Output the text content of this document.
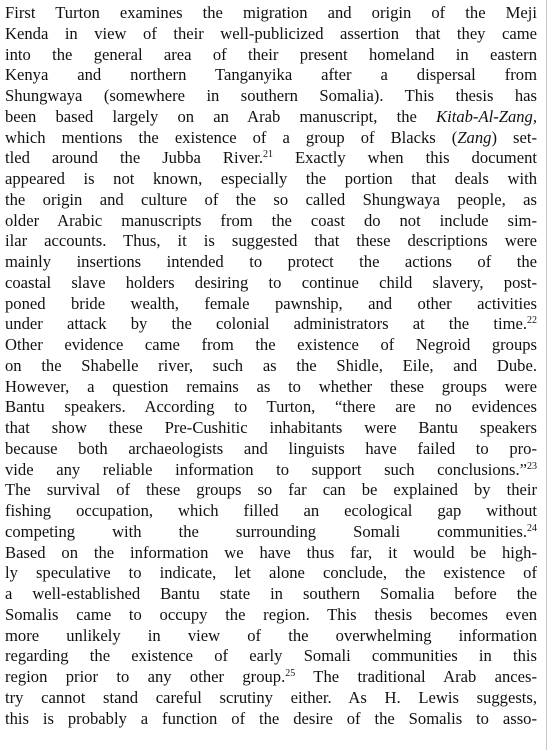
First Turton examines the migration and origin of the Meji
Kenda in view of their well-publicized assertion that they came
into the general area of their present homeland in eastern
Kenya and northern Tanganyika after a dispersal from
Shungwaya (somewhere in southern Somalia). This thesis has
been based largely on an Arab manuscript, the Kitab-Al-Zang,
which mentions the existence of a group of Blacks (Zang) set-
tled around the Jubba River.$^{21}$ Exactly when this document
appeared is not known, especially the portion that deals with
the origin and culture of the so called Shungwaya people, as
older Arabic manuscripts from the coast do not include sim-
ilar accounts. Thus, it is suggested that these descriptions were
mainly insertions intended to protect the actions of the
coastal slave holders desiring to continue child slavery, post-
poned bride wealth, female pawnship, and other activities
under attack by the colonial administrators at the time.$^{22}$
Other evidence came from the existence of Negroid groups
on the Shabelle river, such as the Shidle, Eile, and Dube.
However, a question remains as to whether these groups were
Bantu speakers. According to Turton, “there are no evidences
that show these Pre-Cushitic inhabitants were Bantu speakers
because both archaeologists and linguists have failed to pro-
vide any reliable information to support such conclusions.”$^{23}$
The survival of these groups so far can be explained by their
fishing occupation, which filled an ecological gap without
competing with the surrounding Somali communities.$^{24}$
Based on the information we have thus far, it would be high-
ly speculative to indicate, let alone conclude, the existence of
a well-established Bantu state in southern Somalia before the
Somalis came to occupy the region. This thesis becomes even
more unlikely in view of the overwhelming information
regarding the existence of early Somali communities in this
region prior to any other group.$^{25}$ The traditional Arab ances-
try cannot stand careful scrutiny either. As H. Lewis suggests,
this is probably a function of the desire of the Somalis to asso-
